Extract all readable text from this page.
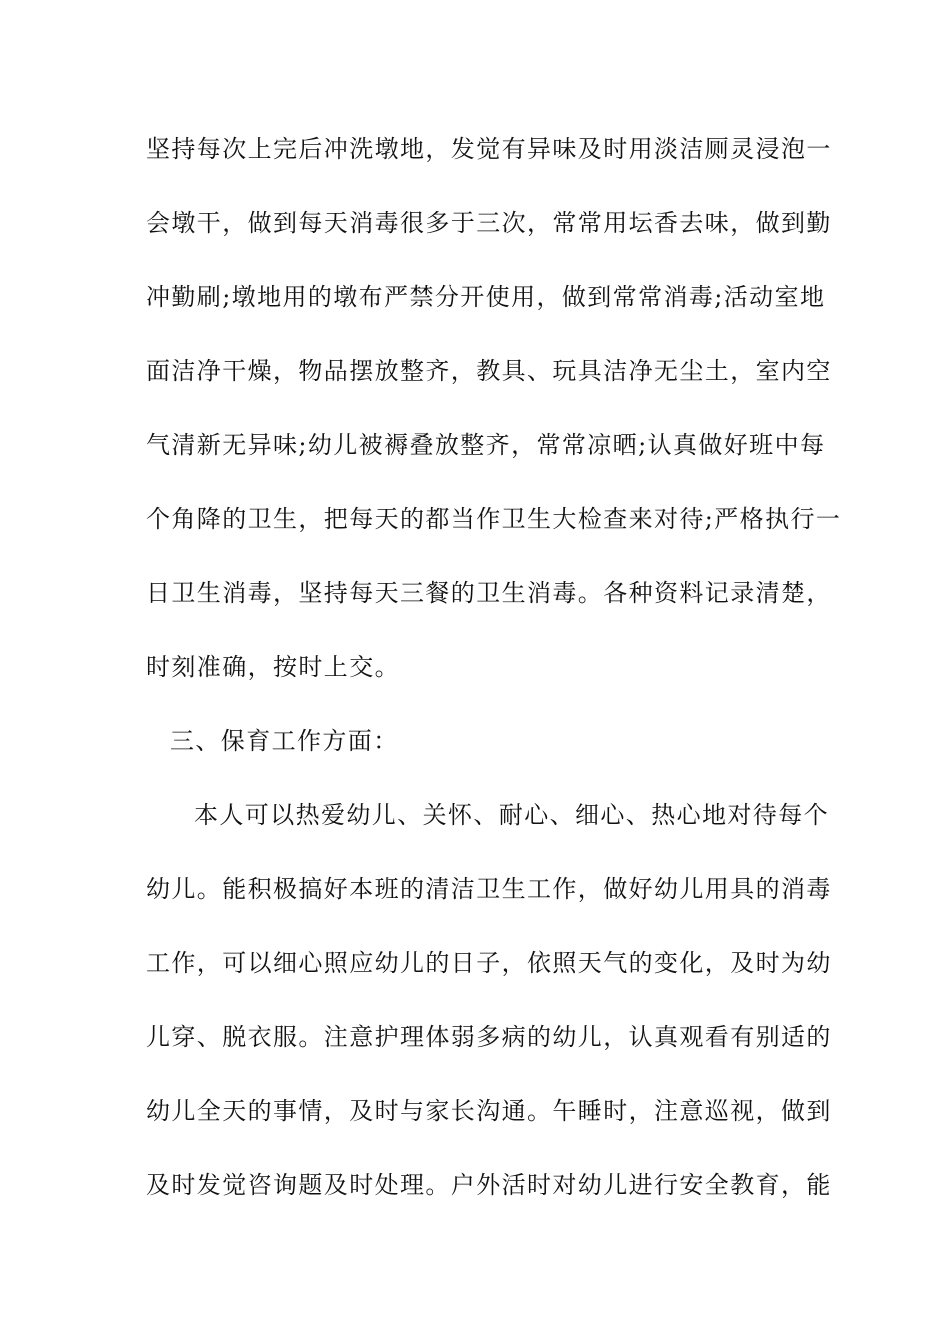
坚持每次上完后冲洗墩地，发觉有异味及时用淡洁厕灵浸泡一
会墩干，做到每天消毒很多于三次，常常用坛香去味，做到勤
冲勤刷;墩地用的墩布严禁分开使用，做到常常消毒;活动室地
面洁净干燥，物品摆放整齐，教具、玩具洁净无尘土，室内空
气清新无异味;幼儿被褥叠放整齐，常常凉晒;认真做好班中每
个角降的卫生，把每天的都当作卫生大检查来对待;严格执行一
日卫生消毒，坚持每天三餐的卫生消毒。各种资料记录清楚，
时刻准确，按时上交。
三、保育工作方面：
本人可以热爱幼儿、关怀、耐心、细心、热心地对待每个
幼儿。能积极搞好本班的清洁卫生工作，做好幼儿用具的消毒
工作，可以细心照应幼儿的日子，依照天气的变化，及时为幼
儿穿、脱衣服。注意护理体弱多病的幼儿，认真观看有别适的
幼儿全天的事情，及时与家长沟通。午睡时，注意巡视，做到
及时发觉咨询题及时处理。户外活时对幼儿进行安全教育，能
